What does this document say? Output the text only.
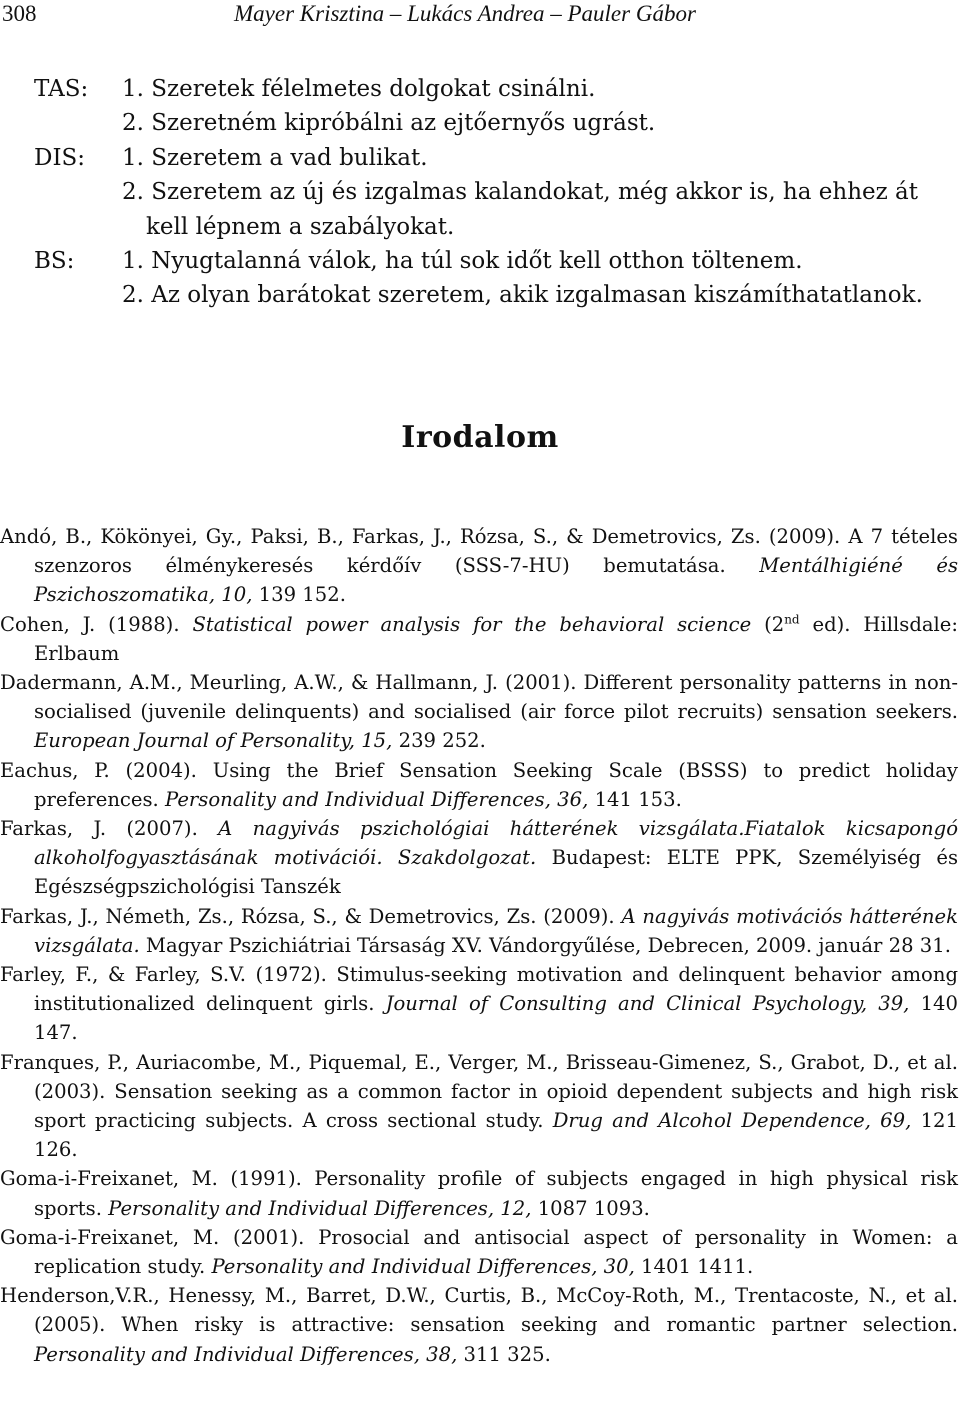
308	Mayer Krisztina – Lukács Andrea – Pauler Gábor
TAS: 1. Szeretek félelmetes dolgokat csinálni.
2. Szeretném kipróbálni az ejtőernyős ugrást.
DIS: 1. Szeretem a vad bulikat.
2. Szeretem az új és izgalmas kalandokat, még akkor is, ha ehhez át kell lépnem a szabályokat.
BS: 1. Nyugtalanná válok, ha túl sok időt kell otthon töltenem.
2. Az olyan barátokat szeretem, akik izgalmasan kiszámíthatatlanok.
Irodalom

Andó, B., Kökönyei, Gy., Paksi, B., Farkas, J., Rózsa, S., & Demetrovics, Zs. (2009). A 7 tételes szenzoros élménykeresés kérdőív (SSS-7-HU) bemutatása. Mentálhigiéné és Pszichoszomatika, 10, 139 152.

Cohen, J. (1988). Statistical power analysis for the behavioral science (2nd ed). Hillsdale: Erlbaum

Dadermann, A.M., Meurling, A.W., & Hallmann, J. (2001). Different personality patterns in non-socialised (juvenile delinquents) and socialised (air force pilot recruits) sensation seekers. European Journal of Personality, 15, 239 252.

Eachus, P. (2004). Using the Brief Sensation Seeking Scale (BSSS) to predict holiday preferences. Personality and Individual Differences, 36, 141 153.

Farkas, J. (2007). A nagyivás pszichológiai hátterének vizsgálata.Fiatalok kicsapongó alkoholfogyasztásának motivációi. Szakdolgozat. Budapest: ELTE PPK, Személyiség és Egészségpszichológisi Tanszék

Farkas, J., Németh, Zs., Rózsa, S., & Demetrovics, Zs. (2009). A nagyivás motivációs hátterének vizsgálata. Magyar Pszichiátriai Társaság XV. Vándorgyűlése, Debrecen, 2009. január 28 31.

Farley, F., & Farley, S.V. (1972). Stimulus-seeking motivation and delinquent behavior among institutionalized delinquent girls. Journal of Consulting and Clinical Psychology, 39, 140 147.

Franques, P., Auriacombe, M., Piquemal, E., Verger, M., Brisseau-Gimenez, S., Grabot, D., et al. (2003). Sensation seeking as a common factor in opioid dependent subjects and high risk sport practicing subjects. A cross sectional study. Drug and Alcohol Dependence, 69, 121 126.

Goma-i-Freixanet, M. (1991). Personality profile of subjects engaged in high physical risk sports. Personality and Individual Differences, 12, 1087 1093.

Goma-i-Freixanet, M. (2001). Prosocial and antisocial aspect of personality in Women: a replication study. Personality and Individual Differences, 30, 1401 1411.

Henderson,V.R., Henessy, M., Barret, D.W., Curtis, B., McCoy-Roth, M., Trentacoste, N., et al. (2005). When risky is attractive: sensation seeking and romantic partner selection. Personality and Individual Differences, 38, 311 325.
